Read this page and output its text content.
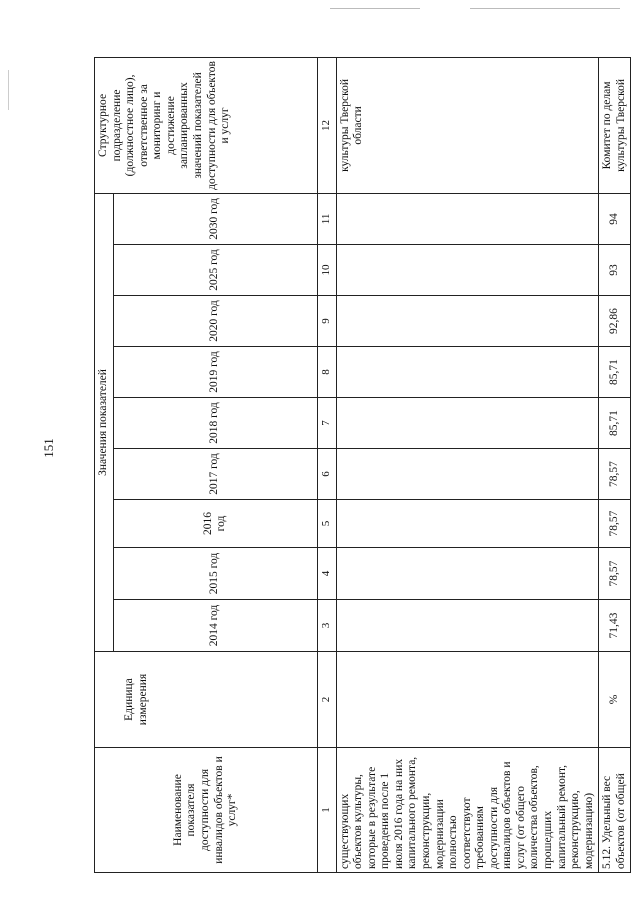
151
Наименование показателя доступности для инвалидов объектов и услуг*	Единица измерения	Значения показателей									Структурное подразделение (должностное лицо), ответственное за мониторинг и достижение запланированных значений показателей доступности для объектов и услуг
		2014 год	2015 год	2016 год	2017 год	2018 год	2019 год	2020 год	2025 год	2030 год	
1	2	3	4	5	6	7	8	9	10	11	12
существующих объектов культуры, которые в результате проведения после 1 июля 2016 года на них капитального ремонта, реконструкции, модернизации полностью соответствуют требованиям доступности для инвалидов объектов и услуг (от общего количества объектов, прошедших капитальный ремонт, реконструкцию, модернизацию)											культуры Тверской области
5.12. Удельный вес объектов (от общей	%	71,43	78,57	78,57	78,57	85,71	85,71	92,86	93	94	Комитет по делам культуры Тверской
